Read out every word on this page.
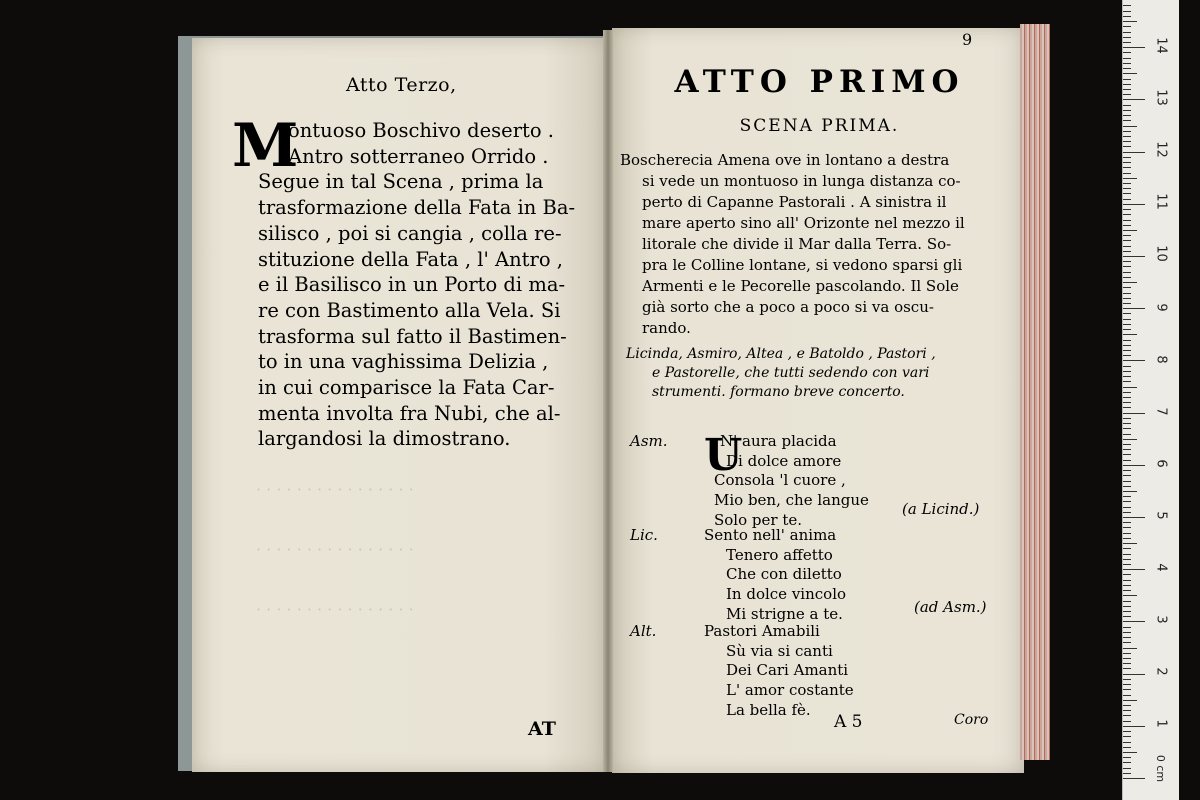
· · · · · · · · · · · · · · · ·
· · · · · · · · · · · · · · · ·
· · · · · · · · · · · · · · · ·
Atto Terzo,
M

ontuoso Boschivo deserto .
Antro sotterraneo Orrido .
Segue in tal Scena , prima la
trasformazione della Fata in Ba-
silisco , poi si cangia , colla re-
stituzione della Fata , l' Antro ,
e il Basilisco in un Porto di ma-
re con Bastimento alla Vela. Si
trasforma sul fatto il Bastimen-
to in una vaghissima Delizia ,
in cui comparisce la Fata Car-
menta involta fra Nubi, che al-
largandosi la dimostrano.

AT
9
ATTO PRIMO
SCENA PRIMA.
Boscherecia Amena ove in lontano a destra
si vede un montuoso in lunga distanza co-
perto di Capanne Pastorali . A sinistra il
mare aperto sino all' Orizonte nel mezzo il
litorale che divide il Mar dalla Terra. So-
pra le Colline lontane, si vedono sparsi gli
Armenti e le Pecorelle pascolando. Il Sole
già sorto che a poco a poco si va oscu-
rando.
Licinda, Asmiro, Altea , e Batoldo , Pastori ,
e Pastorelle, che tutti sedendo con vari
strumenti. formano breve concerto.
U
Asm.	N' aura placida
Di dolce amore
Consola 'l cuore ,
Mio ben, che langue
Solo per te.
(a Licind.)
Lic.	Sento nell' anima
Tenero affetto
Che con diletto
In dolce vincolo
Mi strigne a te.	(ad Asm.)
Alt.	Pastori Amabili
Sù via si canti
Dei Cari Amanti
L' amor costante
La bella fè.
A 5	Coro	1
2
3
4
5
6
7
8
9
10
11
12
13
14
0 cm
